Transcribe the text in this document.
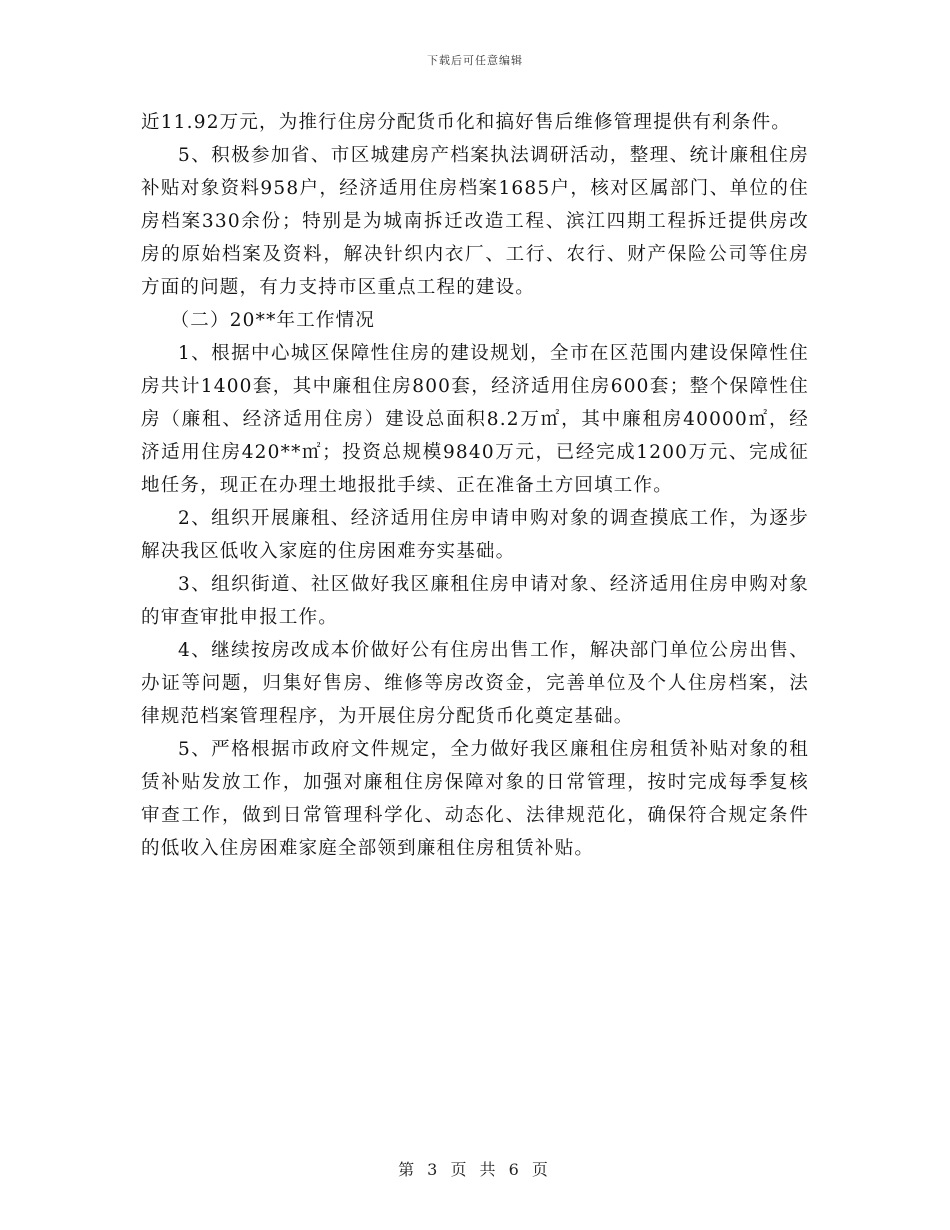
下载后可任意编辑

近11.92万元，为推行住房分配货币化和搞好售后维修管理提供有利条件。

5、积极参加省、市区城建房产档案执法调研活动，整理、统计廉租住房补贴对象资料958户，经济适用住房档案1685户，核对区属部门、单位的住房档案330余份；特别是为城南拆迁改造工程、滨江四期工程拆迁提供房改房的原始档案及资料，解决针织内衣厂、工行、农行、财产保险公司等住房方面的问题，有力支持市区重点工程的建设。

（二）20**年工作情况

1、根据中心城区保障性住房的建设规划，全市在区范围内建设保障性住房共计1400套，其中廉租住房800套，经济适用住房600套；整个保障性住房（廉租、经济适用住房）建设总面积8.2万㎡，其中廉租房40000㎡，经济适用住房420**㎡；投资总规模9840万元，已经完成1200万元、完成征地任务，现正在办理土地报批手续、正在准备土方回填工作。

2、组织开展廉租、经济适用住房申请申购对象的调查摸底工作，为逐步解决我区低收入家庭的住房困难夯实基础。

3、组织街道、社区做好我区廉租住房申请对象、经济适用住房申购对象的审查审批申报工作。

4、继续按房改成本价做好公有住房出售工作，解决部门单位公房出售、办证等问题，归集好售房、维修等房改资金，完善单位及个人住房档案，法律规范档案管理程序，为开展住房分配货币化奠定基础。

5、严格根据市政府文件规定，全力做好我区廉租住房租赁补贴对象的租赁补贴发放工作，加强对廉租住房保障对象的日常管理，按时完成每季复核审查工作，做到日常管理科学化、动态化、法律规范化，确保符合规定条件的低收入住房困难家庭全部领到廉租住房租赁补贴。

第 3 页 共 6 页
